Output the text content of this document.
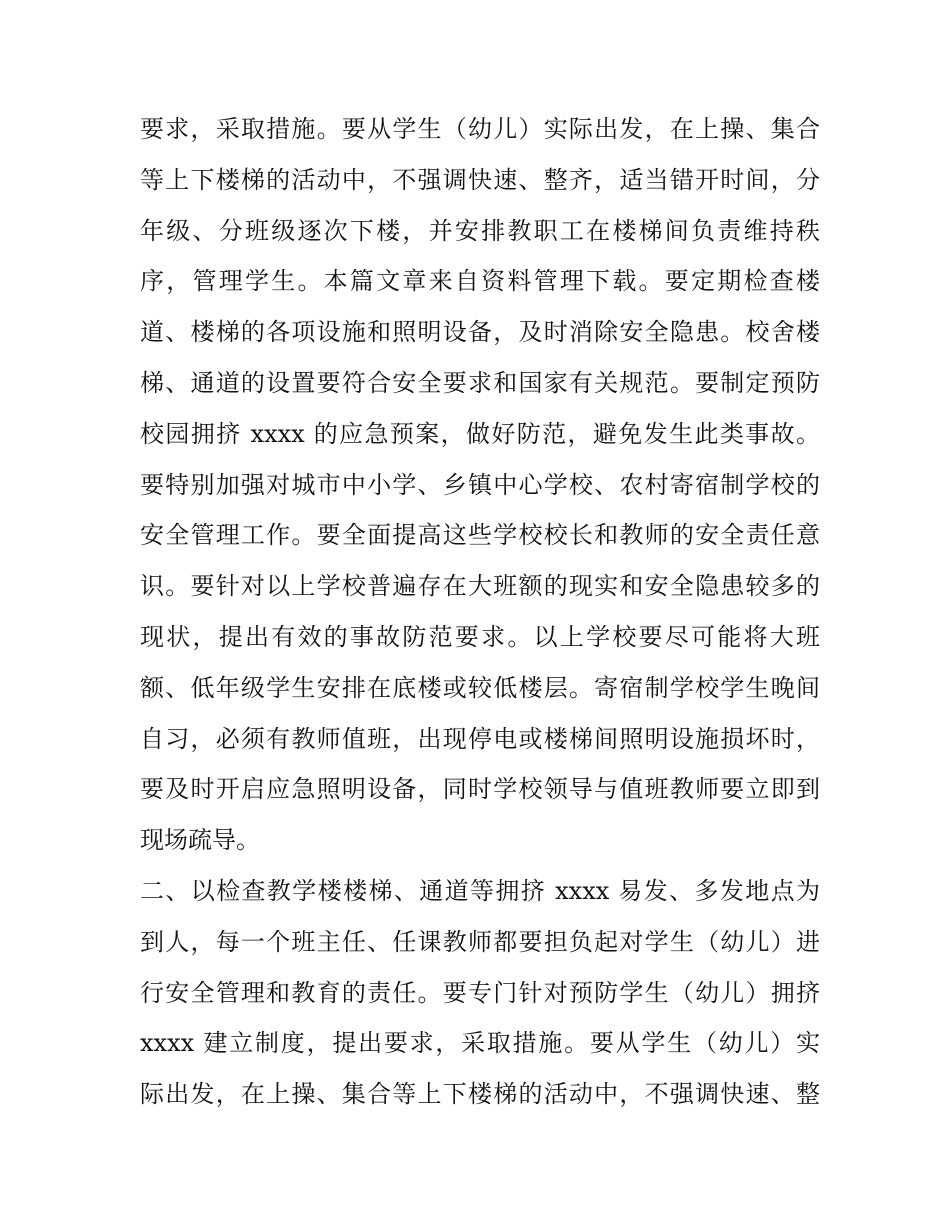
要求，采取措施。要从学生（幼儿）实际出发，在上操、集合
等上下楼梯的活动中，不强调快速、整齐，适当错开时间，分
年级、分班级逐次下楼，并安排教职工在楼梯间负责维持秩
序，管理学生。本篇文章来自资料管理下载。要定期检查楼
道、楼梯的各项设施和照明设备，及时消除安全隐患。校舍楼
梯、通道的设置要符合安全要求和国家有关规范。要制定预防
校园拥挤 xxxx 的应急预案，做好防范，避免发生此类事故。
要特别加强对城市中小学、乡镇中心学校、农村寄宿制学校的
安全管理工作。要全面提高这些学校校长和教师的安全责任意
识。要针对以上学校普遍存在大班额的现实和安全隐患较多的
现状，提出有效的事故防范要求。以上学校要尽可能将大班
额、低年级学生安排在底楼或较低楼层。寄宿制学校学生晚间
自习，必须有教师值班，出现停电或楼梯间照明设施损坏时，
要及时开启应急照明设备，同时学校领导与值班教师要立即到
现场疏导。
二、以检查教学楼楼梯、通道等拥挤 xxxx 易发、多发地点为
到人，每一个班主任、任课教师都要担负起对学生（幼儿）进
行安全管理和教育的责任。要专门针对预防学生（幼儿）拥挤
xxxx 建立制度，提出要求，采取措施。要从学生（幼儿）实
际出发，在上操、集合等上下楼梯的活动中，不强调快速、整
